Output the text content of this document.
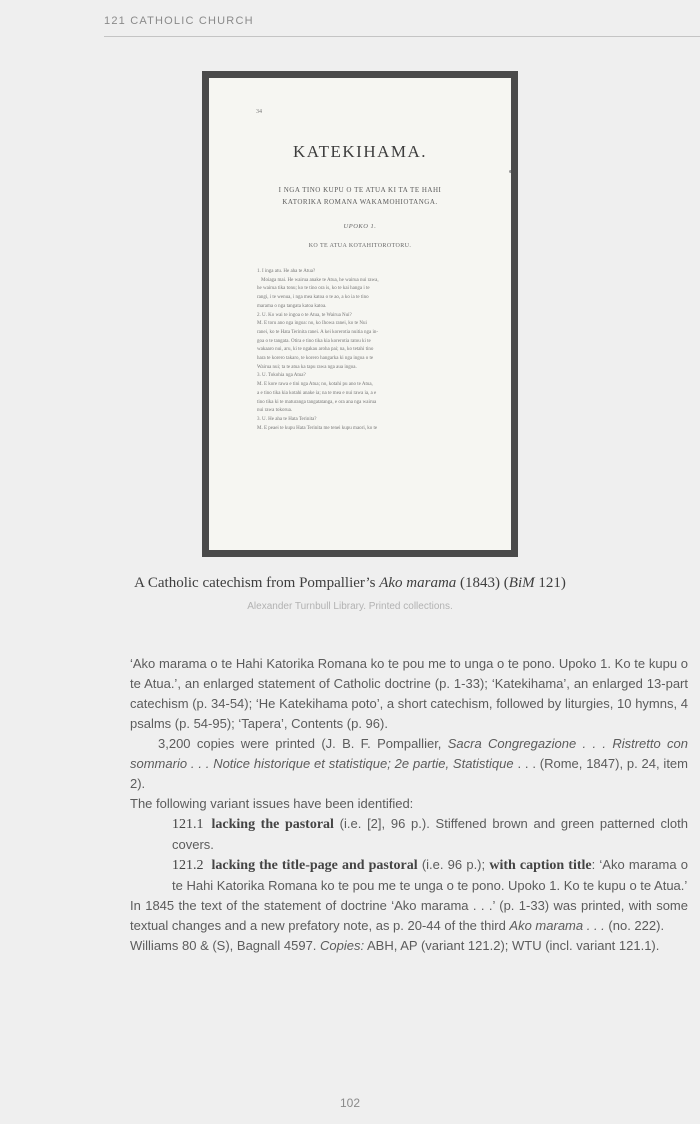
121 CATHOLIC CHURCH
34
KATEKIHAMA.
I NGA TINO KUPU O TE ATUA KI TA TE HAHI
KATORIKA ROMANA WAKAMOHIOTANGA.
UPOKO 1.
KO TE ATUA KOTAHITOROTORU.
1. I inga atu. He aha te Atua?
Moiaga mai. He wairua anake te Atua, he wairua nui rawa,
he wairua tika tonu; ko te tino ora is, ko te kai hanga i te
rangi, i te wenua, i nga mea katoa o te ao, a ko ia te tino
marama o nga tangata katoa katoa.
2. U. Ko wai te ingoa o te Atua, te Wairua Nui?
M. E toru ano nga ingoa: no, ko Ihowa ranei, ko te Nui
ranei, ko te Hata Terinita ranei. A kei korerotia nuitia nga in-
goa o te tangata. Otira e tino tika kia korerotia ratou ki te
wakaaro nui, aru, ki te ngakau aroha pai; na, ko tetahi tino
hara te korero takaro, te korero hangarka ki nga ingoa o te
Wairua nui; ta te atua ka tapu rawa nga aua ingoa.
3. U. Tokohia nga Atua?
M. E kore rawa e tini nga Atua; no, kotahi pu ano te Atua,
a e tino tika kia kotahi anake ia; na te mea e nui rawa ia, a e
tino tika ki te maturanga tangatatanga, e ora ana nga wairua
nui rawa tokorua.
3. U. He aha te Hata Terinita?
M. E peaei te kupu Hata Terinita me tenei kupu maori, ko te
A Catholic catechism from Pompallier’s Ako marama (1843) (BiM 121)
Alexander Turnbull Library. Printed collections.

‘Ako marama o te Hahi Katorika Romana ko te pou me to unga o te pono. Upoko 1. Ko te kupu o te Atua.’, an enlarged statement of Catholic doctrine (p. 1-33); ‘Katekihama’, an enlarged 13-part catechism (p. 34-54); ‘He Katekihama poto’, a short catechism, followed by liturgies, 10 hymns, 4 psalms (p. 54-95); ‘Tapera’, Contents (p. 96).

3,200 copies were printed (J. B. F. Pompallier, Sacra Congregazione . . . Ristretto con sommario . . . Notice historique et statistique; 2e partie, Statistique . . . (Rome, 1847), p. 24, item 2).

The following variant issues have been identified:

121.1 lacking the pastoral (i.e. [2], 96 p.). Stiffened brown and green patterned cloth covers.

121.2 lacking the title-page and pastoral (i.e. 96 p.); with caption title: ‘Ako marama o te Hahi Katorika Romana ko te pou me te unga o te pono. Upoko 1. Ko te kupu o te Atua.’

In 1845 the text of the statement of doctrine ‘Ako marama . . .’ (p. 1-33) was printed, with some textual changes and a new prefatory note, as p. 20-44 of the third Ako marama . . . (no. 222).

Williams 80 & (S), Bagnall 4597. Copies: ABH, AP (variant 121.2); WTU (incl. variant 121.1).

102
